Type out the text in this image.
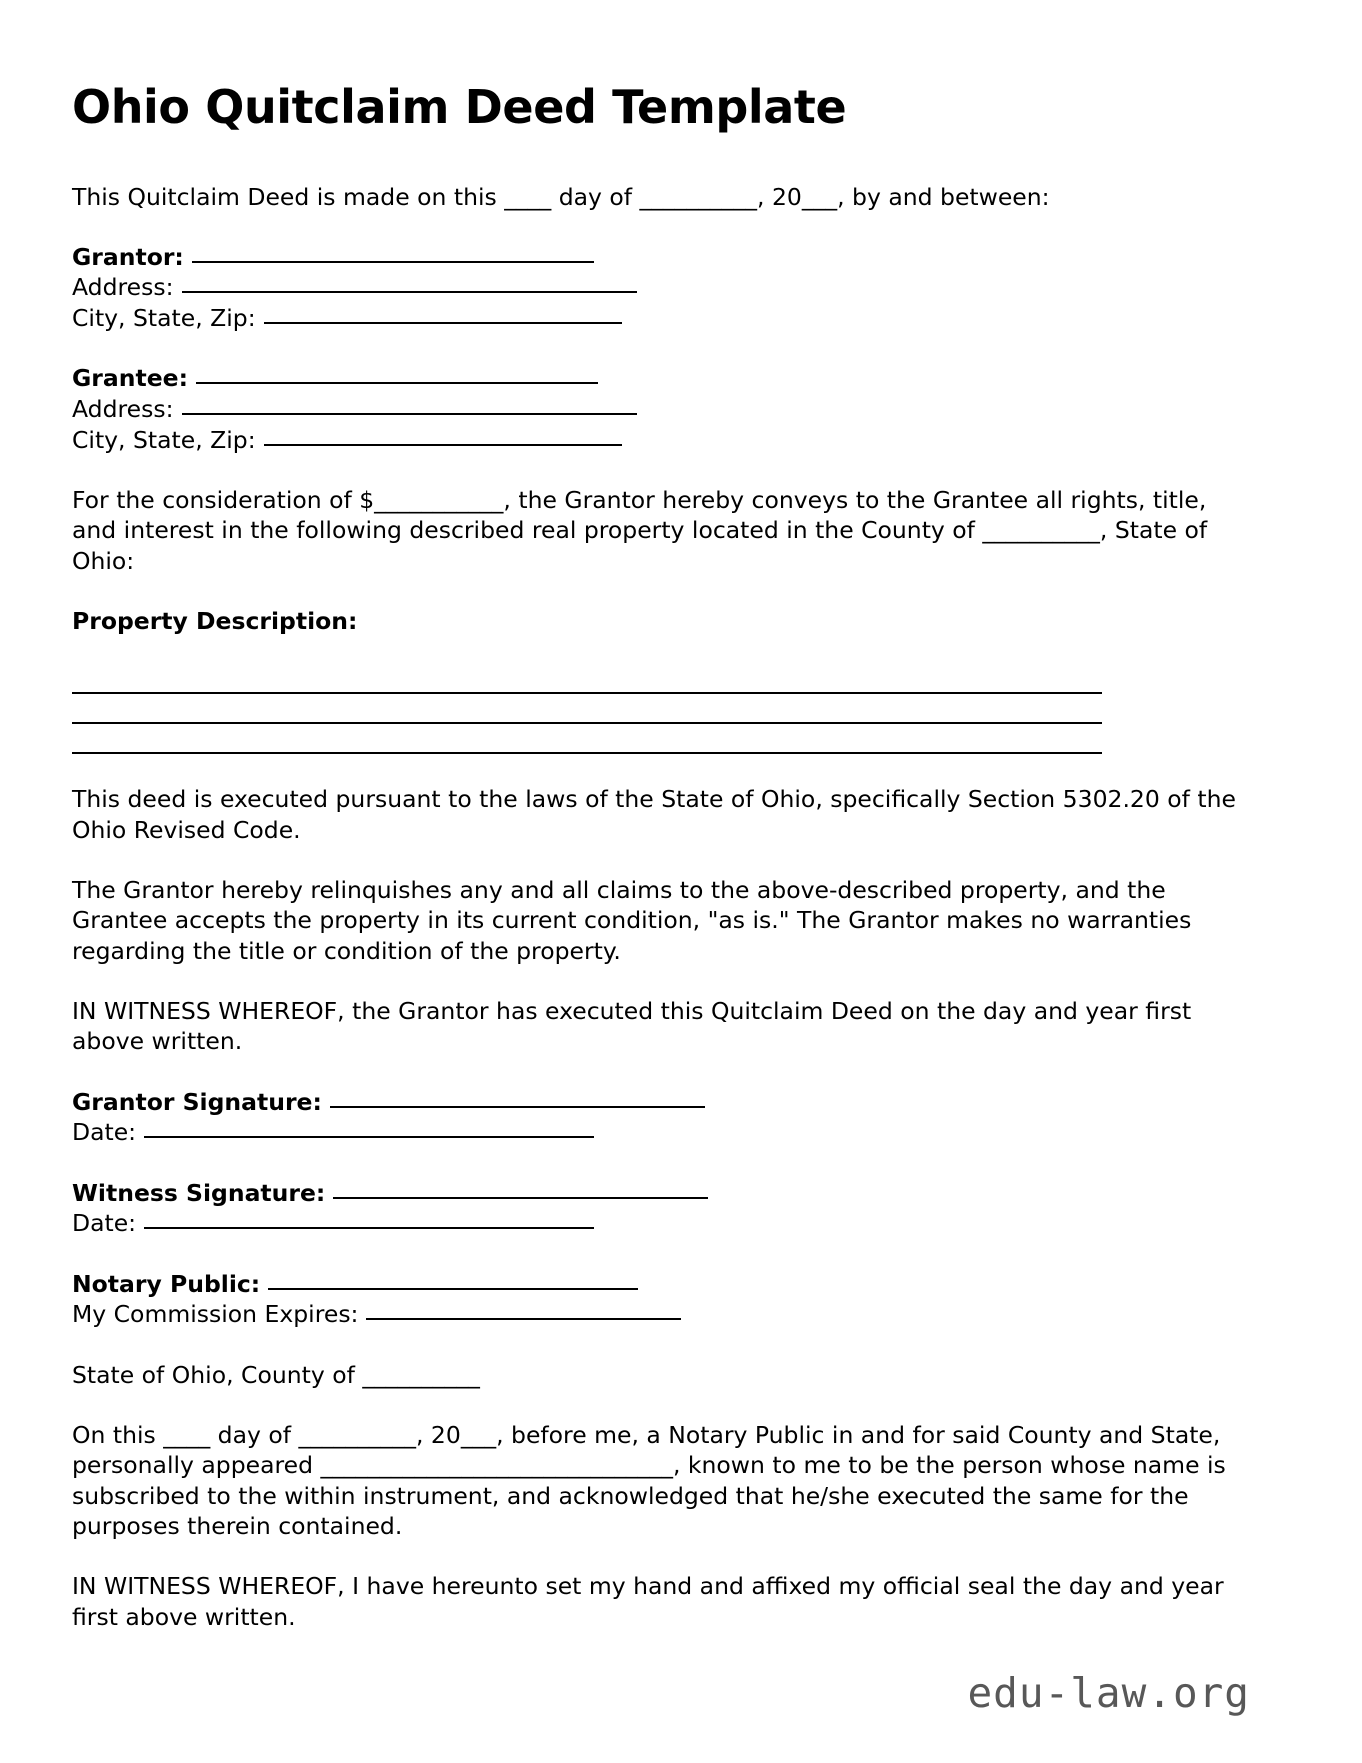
Ohio Quitclaim Deed Template

This Quitclaim Deed is made on this ____ day of __________, 20___, by and between:

Grantor:
Address:
City, State, Zip:
Grantee:
Address:
City, State, Zip:

For the consideration of $___________, the Grantor hereby conveys to the Grantee all rights, title, and interest in the following described real property located in the County of __________, State of Ohio:

Property Description:

This deed is executed pursuant to the laws of the State of Ohio, specifically Section 5302.20 of the Ohio Revised Code.

The Grantor hereby relinquishes any and all claims to the above-described property, and the Grantee accepts the property in its current condition, "as is." The Grantor makes no warranties regarding the title or condition of the property.

IN WITNESS WHEREOF, the Grantor has executed this Quitclaim Deed on the day and year first above written.

Grantor Signature:
Date:
Witness Signature:
Date:
Notary Public:
My Commission Expires:

State of Ohio, County of __________

On this ____ day of __________, 20___, before me, a Notary Public in and for said County and State, personally appeared ______________________________, known to me to be the person whose name is subscribed to the within instrument, and acknowledged that he/she executed the same for the purposes therein contained.

IN WITNESS WHEREOF, I have hereunto set my hand and affixed my official seal the day and year first above written.

edu-law.org
